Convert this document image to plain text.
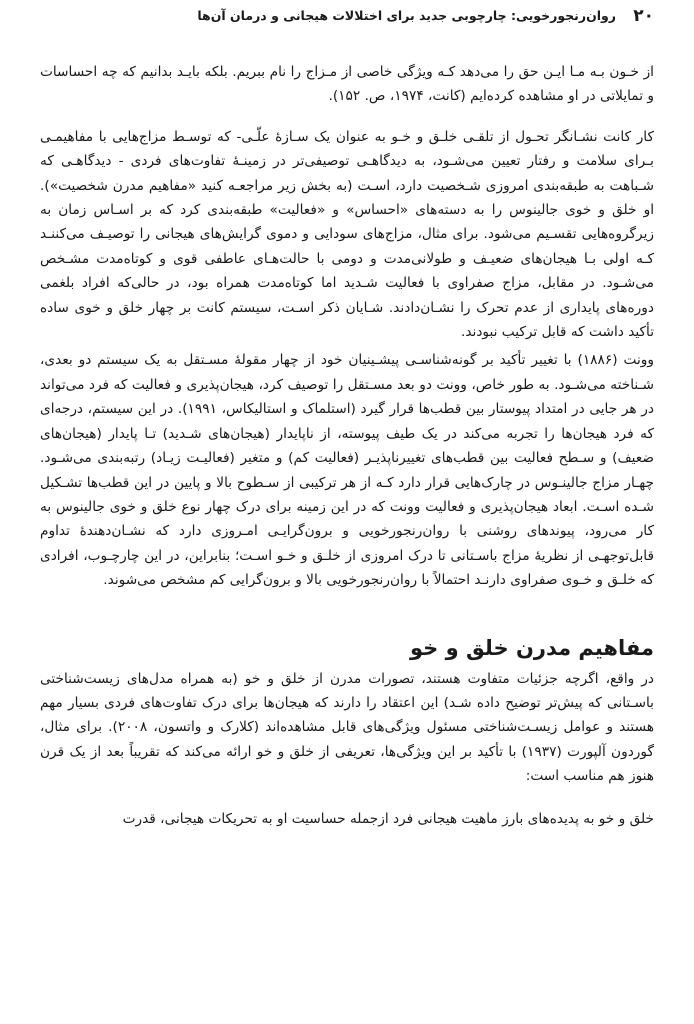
۲۰
روان‌رنجورخویی: چارچوبی جدید برای اختلالات هیجانی و درمان آن‌ها

از خـون بـه مـا ایـن حق را می‌دهد کـه ویژگی خاصی از مـزاج را نام ببریم. بلکه بایـد بدانیم که چه احساسات و تمایلاتی در او مشاهده کرده‌ایم (کانت، ۱۹۷۴، ص. ۱۵۲).

کار کانت نشـانگر تحـول از تلقـی خلـق و خـو به عنوان یک سـازۀ علّـی- که توسـط مزاج‌هایی با مفاهیمـی بـرای سلامت و رفتار تعیین می‌شـود، به دیدگاهـی توصیفی‌تر در زمینـۀ تفاوت‌های فردی - دیدگاهـی که شـباهت به طبقه‌بندی امروزی شـخصیت دارد، اسـت (به بخش زیر مراجعـه کنید «مفاهیم مدرن شخصیت»). او خلق و خوی جالینوس را به دسته‌های «احساس» و «فعالیت» طبقه‌بندی کرد که بر اسـاس زمان به زیرگروه‌هایی تقسـیم می‌شود. برای مثال، مزاج‌های سودایی و دموی گرایش‌های هیجانی را توصیـف می‌کننـد کـه اولی بـا هیجان‌های ضعیـف و طولانی‌مدت و دومی با حالت‌هـای عاطفی قوی و کوتاه‌مدت مشـخص می‌شـود. در مقابل، مزاج صفراوی با فعالیت شـدید اما کوتاه‌مدت همراه بود، در حالی‌که افراد بلغمی دوره‌های پایداری از عدم تحرک را نشـان‌دادند. شـایان ذکر اسـت، سیستم کانت بر چهار خلق و خوی ساده تأکید داشت که قابل ترکیب نبودند.

وونت (۱۸۸۶) با تغییر تأکید بر گونه‌شناسـی پیشـینیان خود از چهار مقولۀ مسـتقل به یک سیستم دو بعدی، شـناخته می‌شـود. به طور خاص، وونت دو بعد مسـتقل را توصیف کرد، هیجان‌پذیری و فعالیت که فرد می‌تواند در هر جایی در امتداد پیوستار بین قطب‌ها قرار گیرد (استلماک و استالیکاس، ۱۹۹۱). در این سیستم، درجه‌ای که فرد هیجان‌ها را تجربه می‌کند در یک طیف پیوسته، از ناپایدار (هیجان‌های شـدید) تـا پایدار (هیجان‌های ضعیف) و سـطح فعالیت بین قطب‌های تغییرناپذیـر (فعالیت کم) و متغیر (فعالیـت زیـاد) رتبه‌بندی می‌شـود. چهـار مزاج جالینـوس در چارک‌هایی قرار دارد کـه از هر ترکیبی از سـطوح بالا و پایین در این قطب‌ها تشـکیل شـده اسـت. ابعاد هیجان‌پذیری و فعالیت وونت که در این زمینه برای درک چهار نوع خلق و خوی جالینوس به کار می‌رود، پیوندهای روشنی با روان‌رنجورخویی و برون‌گرایـی امـروزی دارد که نشـان‌دهندۀ تداوم قابل‌توجهـی از نظریۀ مزاج باسـتانی تا درک امروزی از خلـق و خـو اسـت؛ بنابراین، در این چارچـوب، افرادی که خلـق و خـوی صفراوی دارنـد احتمالاً با روان‌رنجورخویی بالا و برون‌گرایی کم مشخص می‌شوند.

مفاهیم مدرن خلق و خو

در واقع، اگرچه جزئیات متفاوت هستند، تصورات مدرن از خلق و خو (به همراه مدل‌های زیست‌شناختی باسـتانی که پیش‌تر توضیح داده شـد) این اعتقاد را دارند که هیجان‌ها برای درک تفاوت‌های فردی بسیار مهم هستند و عوامل زیسـت‌شناختی مسئول ویژگی‌های قابل مشاهده‌اند (کلارک و واتسون، ۲۰۰۸). برای مثال، گوردون آلپورت (۱۹۳۷) با تأکید بر این ویژگی‌ها، تعریفی از خلق و خو ارائه می‌کند که تقریباً بعد از یک قرن هنوز هم مناسب است:

خلق و خو به پدیده‌های بارز ماهیت هیجانی فرد ازجمله حساسیت او به تحریکات هیجانی، قدرت
